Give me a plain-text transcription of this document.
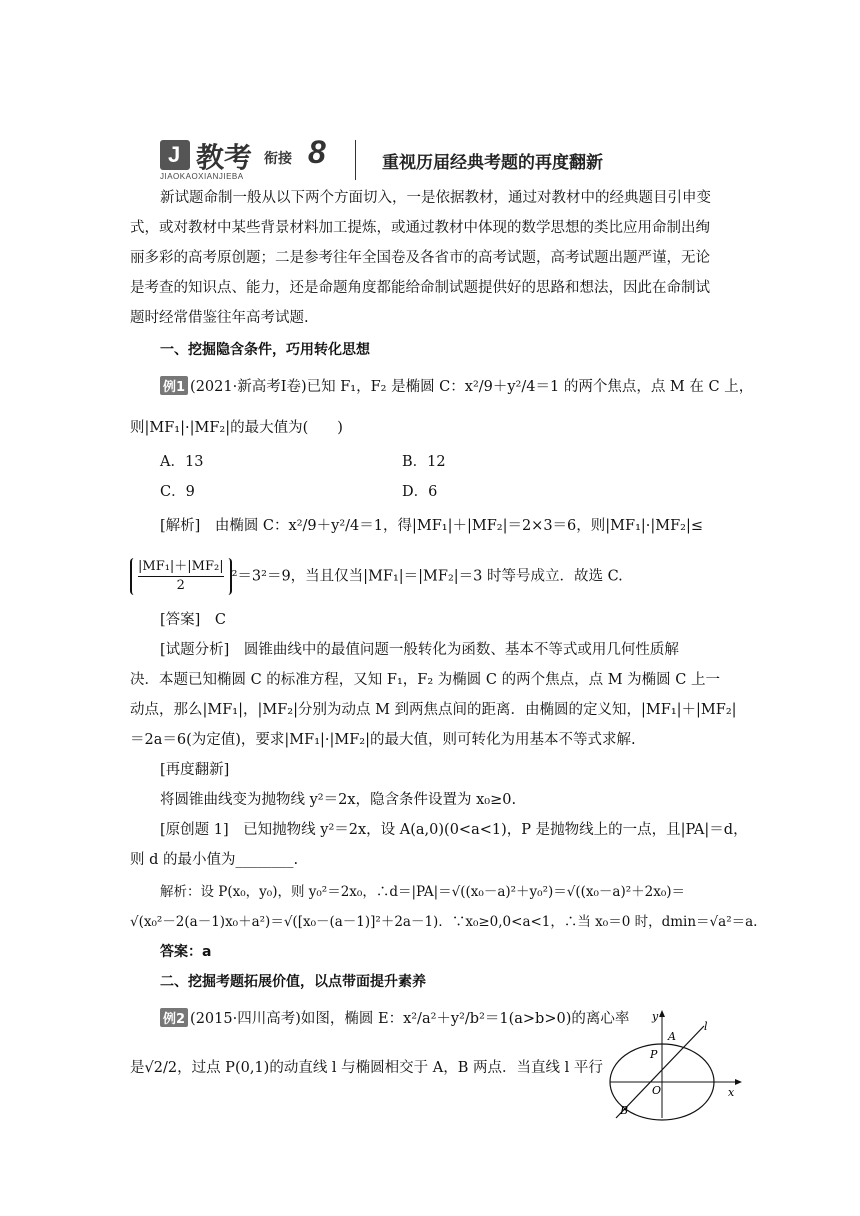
J 教考 衔接 8
JIAOKAOXIANJIEBA
重视历届经典考题的再度翻新
新试题命制一般从以下两个方面切入，一是依据教材，通过对教材中的经典题目引申变
式，或对教材中某些背景材料加工提炼，或通过教材中体现的数学思想的类比应用命制出绚
丽多彩的高考原创题；二是参考往年全国卷及各省市的高考试题，高考试题出题严谨，无论
是考查的知识点、能力，还是命题角度都能给命制试题提供好的思路和想法，因此在命制试
题时经常借鉴往年高考试题.
一、挖掘隐含条件，巧用转化思想
例1 (2021·新高考Ⅰ卷)已知 F₁，F₂ 是椭圆 C：x²/9＋y²/4＝1 的两个焦点，点 M 在 C 上，
则|MF₁|·|MF₂|的最大值为(　　)
A．13	B．12
C．9	D．6
[解析]　 由椭圆 C：x²/9＋y²/4＝1，得|MF₁|＋|MF₂|＝2×3＝6，则|MF₁|·|MF₂|≤
$\frac{\text{|MF₁|＋|MF₂|}}{2}^2=3^2=9$，当且仅当|MF₁|＝|MF₂|＝3 时等号成立．故选 C.
[答案]　 C
[试题分析]　 圆锥曲线中的最值问题一般转化为函数、基本不等式或用几何性质解
决．本题已知椭圆 C 的标准方程，又知 F₁，F₂ 为椭圆 C 的两个焦点，点 M 为椭圆 C 上一
动点，那么|MF₁|，|MF₂|分别为动点 M 到两焦点间的距离．由椭圆的定义知，|MF₁|＋|MF₂|
＝2a＝6(为定值)，要求|MF₁|·|MF₂|的最大值，则可转化为用基本不等式求解.
[再度翻新]
将圆锥曲线变为抛物线 y²＝2x，隐含条件设置为 x₀≥0.
[原创题 1]　 已知抛物线 y²＝2x，设 A(a,0)(0<a<1)，P 是抛物线上的一点，且|PA|＝d，
则 d 的最小值为________.
解析：设 P(x₀，y₀)，则 y₀²＝2x₀，∴d＝|PA|＝√((x₀－a)²＋y₀²)＝√((x₀－a)²＋2x₀)＝
√(x₀²－2(a－1)x₀＋a²)＝√([x₀－(a－1)]²＋2a－1)．∵x₀≥0,0<a<1，∴当 x₀＝0 时，dmin＝√a²＝a.
答案：a
二、挖掘考题拓展价值，以点带面提升素养
例2 (2015·四川高考)如图，椭圆 E：x²/a²＋y²/b²＝1(a>b>0)的离心率
是√2/2，过点 P(0,1)的动直线 l 与椭圆相交于 A，B 两点．当直线 l 平行
y
A
l
P
O	x
B
